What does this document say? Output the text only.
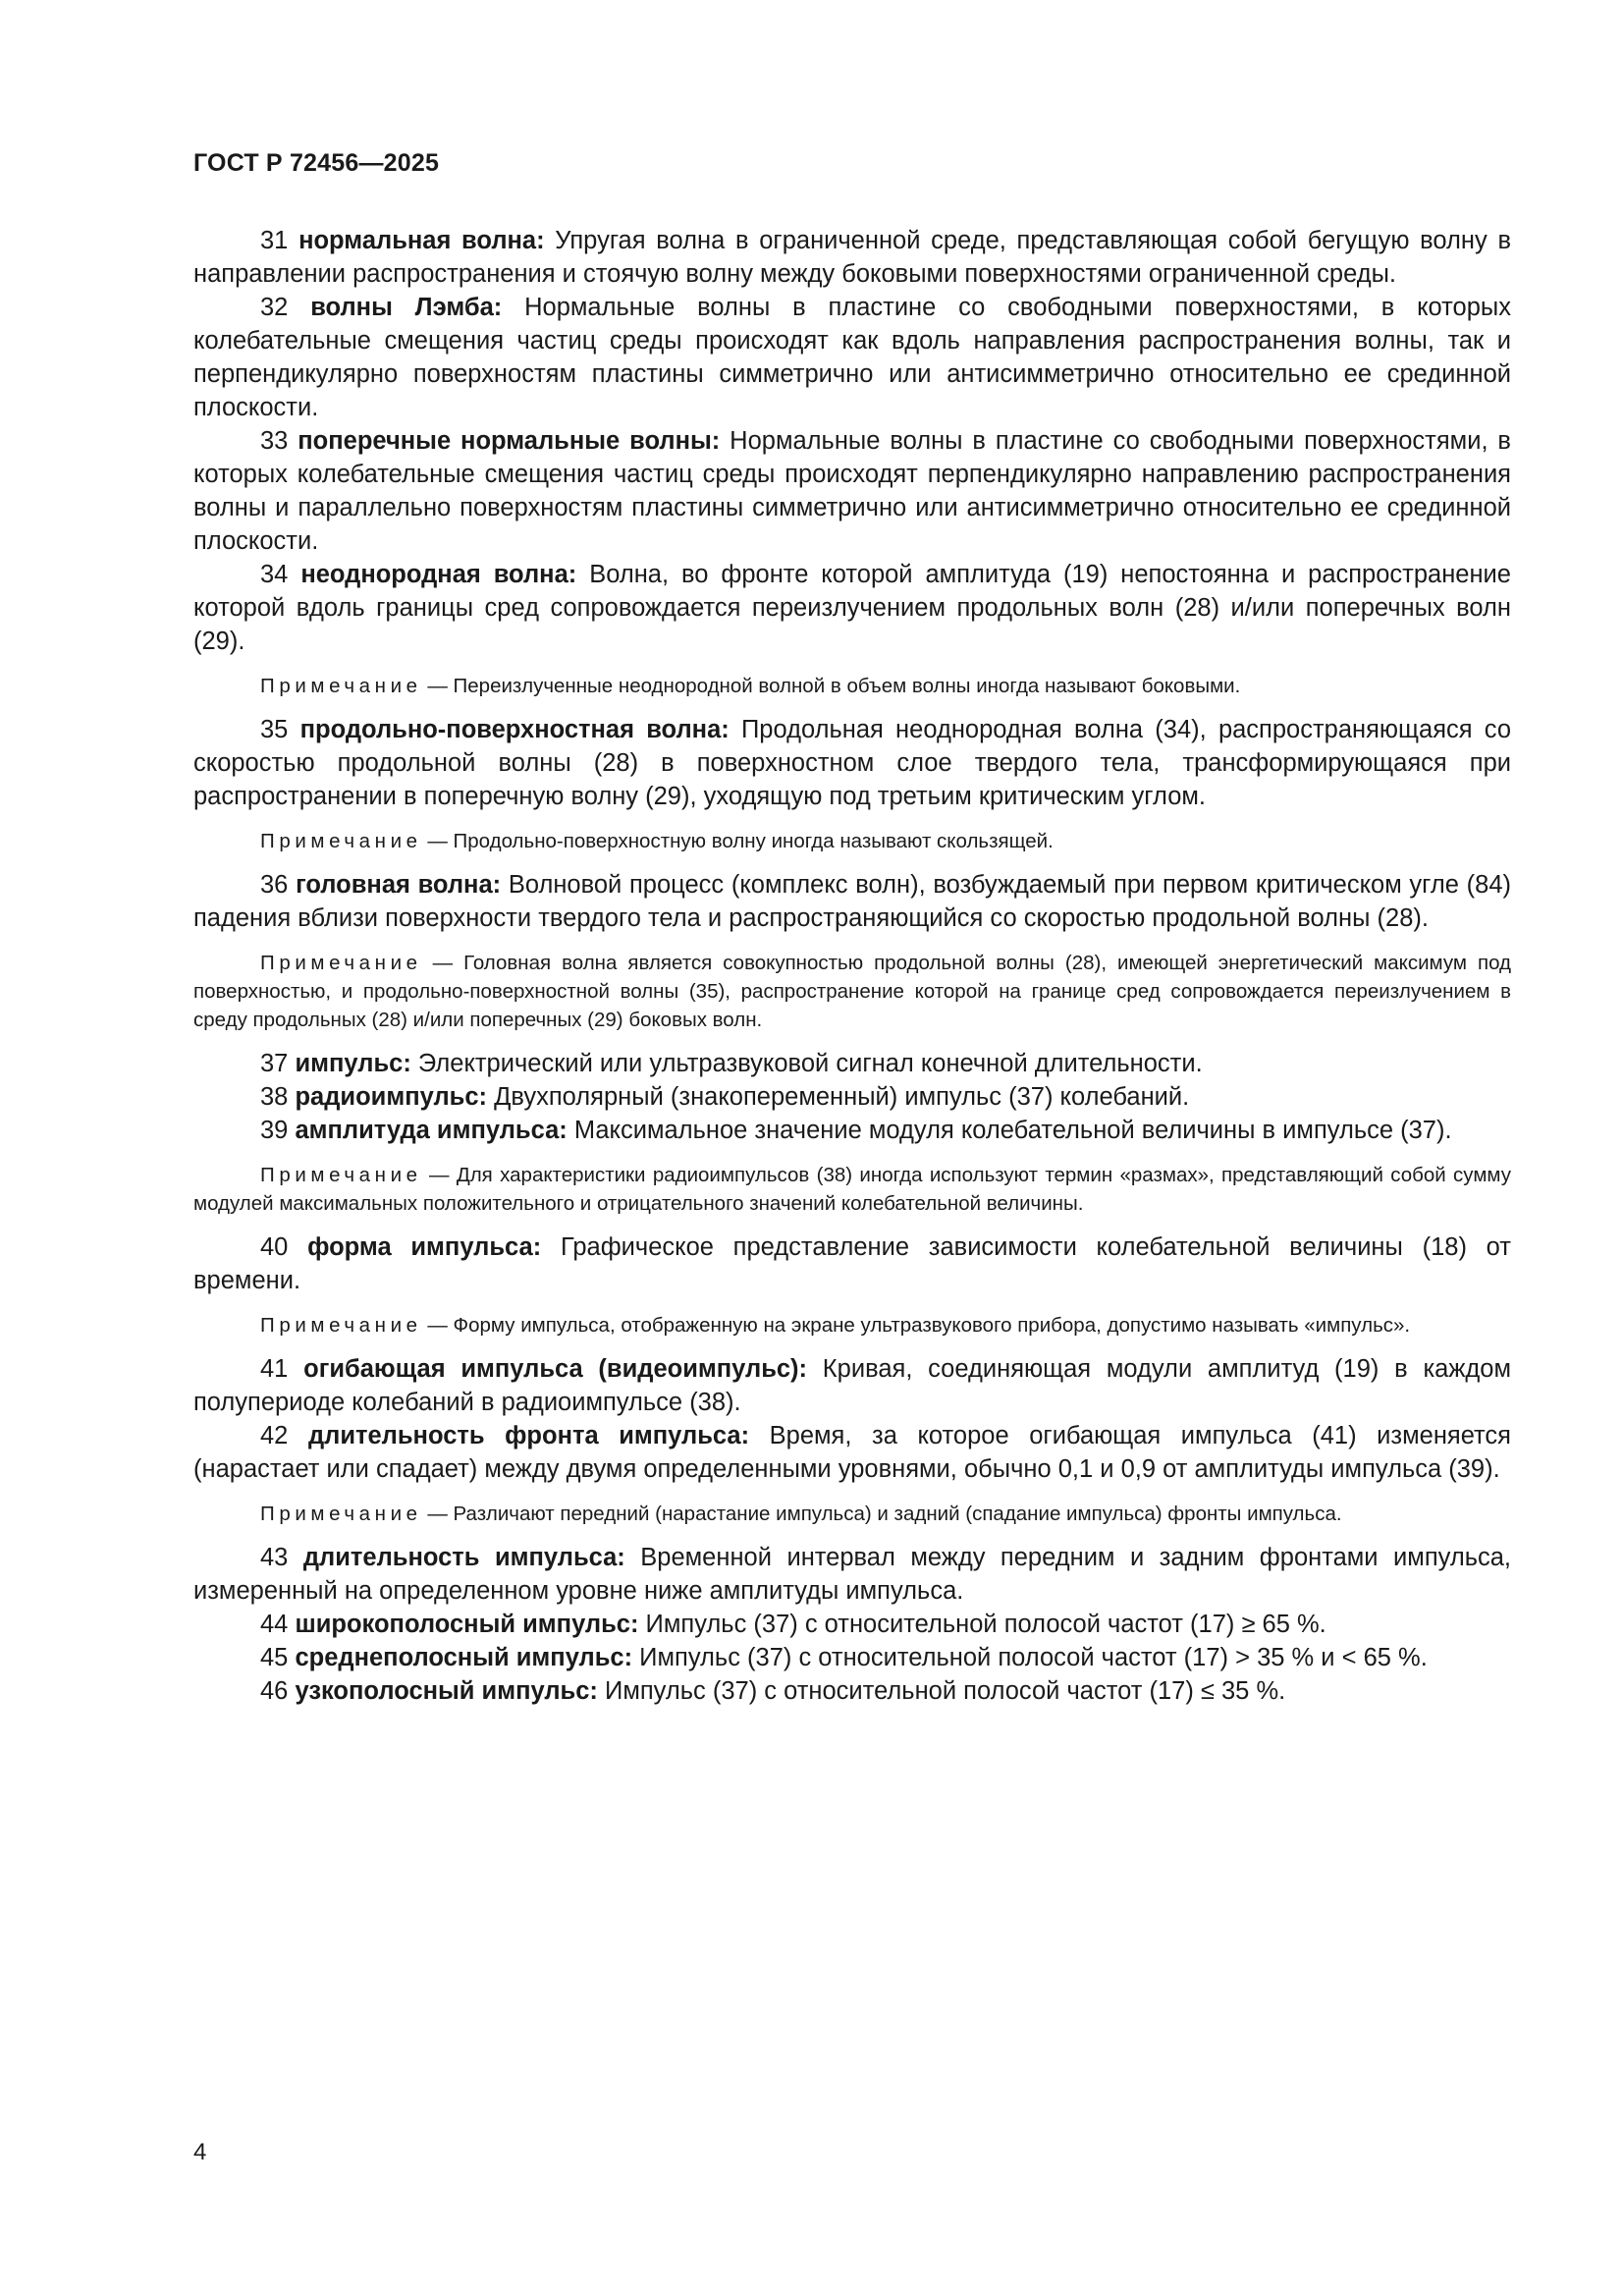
ГОСТ Р 72456—2025

31 нормальная волна: Упругая волна в ограниченной среде, представляющая собой бегущую волну в направлении распространения и стоячую волну между боковыми поверхностями ограниченной среды.

32 волны Лэмба: Нормальные волны в пластине со свободными поверхностями, в которых колебательные смещения частиц среды происходят как вдоль направления распространения волны, так и перпендикулярно поверхностям пластины симметрично или антисимметрично относительно ее срединной плоскости.

33 поперечные нормальные волны: Нормальные волны в пластине со свободными поверхностями, в которых колебательные смещения частиц среды происходят перпендикулярно направлению распространения волны и параллельно поверхностям пластины симметрично или антисимметрично относительно ее срединной плоскости.

34 неоднородная волна: Волна, во фронте которой амплитуда (19) непостоянна и распространение которой вдоль границы сред сопровождается переизлучением продольных волн (28) и/или поперечных волн (29).

Примечание — Переизлученные неоднородной волной в объем волны иногда называют боковыми.

35 продольно-поверхностная волна: Продольная неоднородная волна (34), распространяющаяся со скоростью продольной волны (28) в поверхностном слое твердого тела, трансформирующаяся при распространении в поперечную волну (29), уходящую под третьим критическим углом.

Примечание — Продольно-поверхностную волну иногда называют скользящей.

36 головная волна: Волновой процесс (комплекс волн), возбуждаемый при первом критическом угле (84) падения вблизи поверхности твердого тела и распространяющийся со скоростью продольной волны (28).

Примечание — Головная волна является совокупностью продольной волны (28), имеющей энергетический максимум под поверхностью, и продольно-поверхностной волны (35), распространение которой на границе сред сопровождается переизлучением в среду продольных (28) и/или поперечных (29) боковых волн.

37 импульс: Электрический или ультразвуковой сигнал конечной длительности.

38 радиоимпульс: Двухполярный (знакопеременный) импульс (37) колебаний.

39 амплитуда импульса: Максимальное значение модуля колебательной величины в импульсе (37).

Примечание — Для характеристики радиоимпульсов (38) иногда используют термин «размах», представляющий собой сумму модулей максимальных положительного и отрицательного значений колебательной величины.

40 форма импульса: Графическое представление зависимости колебательной величины (18) от времени.

Примечание — Форму импульса, отображенную на экране ультразвукового прибора, допустимо называть «импульс».

41 огибающая импульса (видеоимпульс): Кривая, соединяющая модули амплитуд (19) в каждом полупериоде колебаний в радиоимпульсе (38).

42 длительность фронта импульса: Время, за которое огибающая импульса (41) изменяется (нарастает или спадает) между двумя определенными уровнями, обычно 0,1 и 0,9 от амплитуды импульса (39).

Примечание — Различают передний (нарастание импульса) и задний (спадание импульса) фронты импульса.

43 длительность импульса: Временной интервал между передним и задним фронтами импульса, измеренный на определенном уровне ниже амплитуды импульса.

44 широкополосный импульс: Импульс (37) с относительной полосой частот (17) ≥ 65 %.

45 среднеполосный импульс: Импульс (37) с относительной полосой частот (17) > 35 % и < 65 %.

46 узкополосный импульс: Импульс (37) с относительной полосой частот (17) ≤ 35 %.

4
